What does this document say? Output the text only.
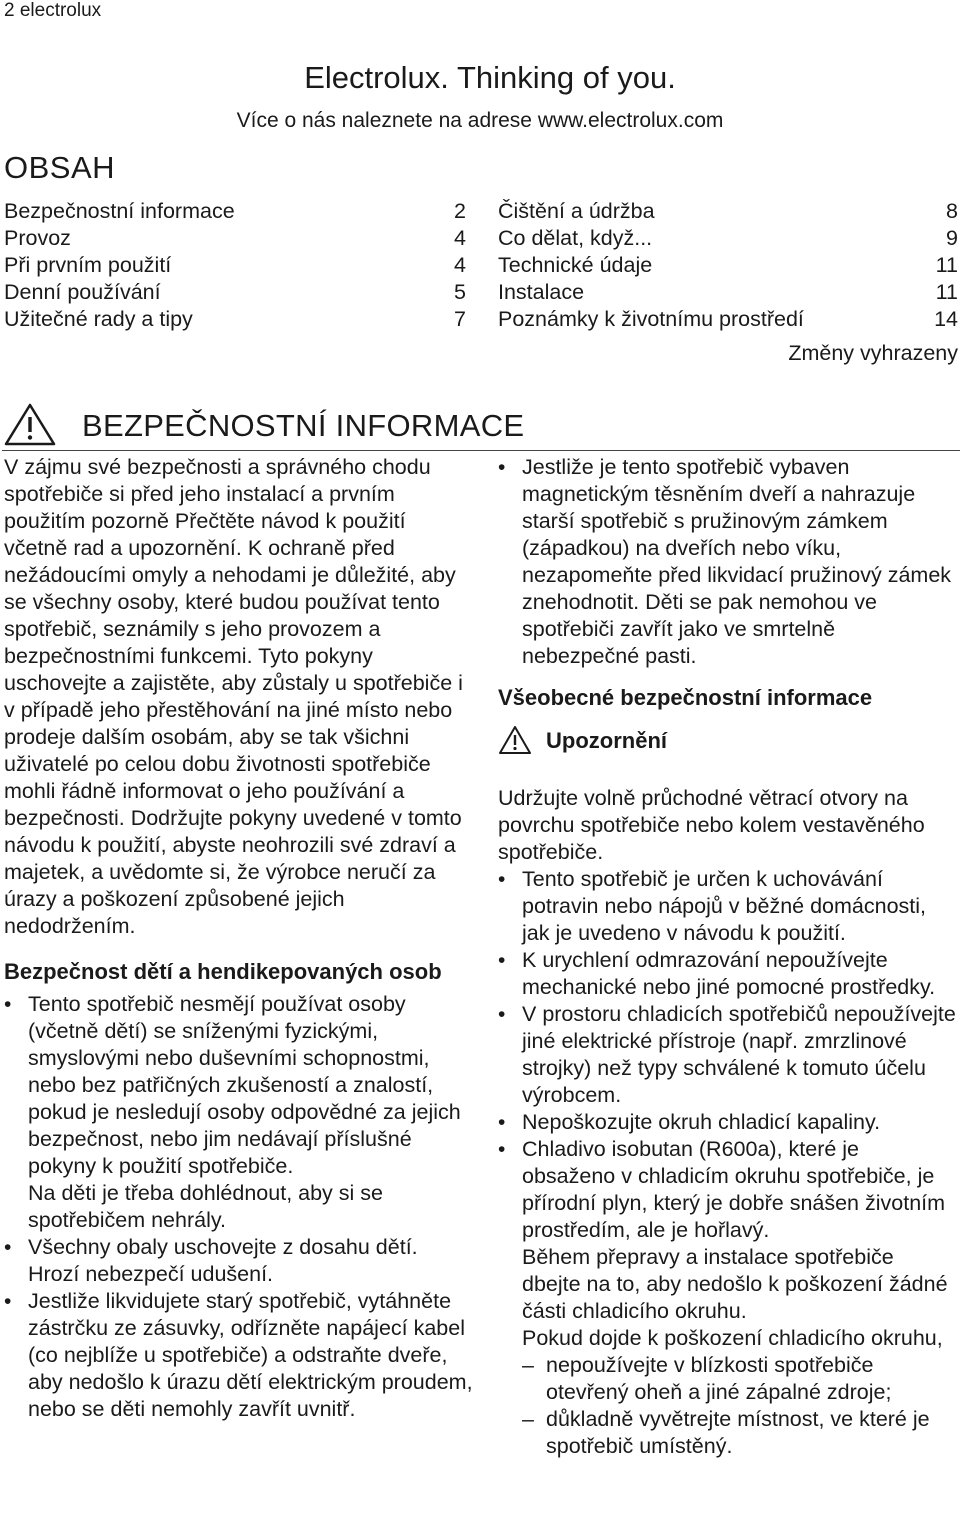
2 electrolux
Electrolux. Thinking of you.
Více o nás naleznete na adrese www.electrolux.com
OBSAH
Bezpečnostní informace	2
Provoz	4
Při prvním použití	4
Denní používání	5
Užitečné rady a tipy	7
Čištění a údržba	8
Co dělat, když...	9
Technické údaje	11
Instalace	11
Poznámky k životnímu prostředí	14
Změny vyhrazeny
BEZPEČNOSTNÍ INFORMACE

V zájmu své bezpečnosti a správného chodu spotřebiče si před jeho instalací a prvním použitím pozorně Přečtěte návod k použití včetně rad a upozornění. K ochraně před nežádoucími omyly a nehodami je důležité, aby se všechny osoby, které budou používat tento spotřebič, seznámily s jeho provozem a bezpečnostními funkcemi. Tyto pokyny uschovejte a zajistěte, aby zůstaly u spotřebiče i v případě jeho přestěhování na jiné místo nebo prodeje dalším osobám, aby se tak všichni uživatelé po celou dobu životnosti spotřebiče mohli řádně informovat o jeho používání a bezpečnosti. Dodržujte pokyny uvedené v tomto návodu k použití, abyste neohrozili své zdraví a majetek, a uvědomte si, že výrobce neručí za úrazy a poškození způsobené jejich nedodržením.

Bezpečnost dětí a hendikepovaných osob

• Tento spotřebič nesmějí používat osoby (včetně dětí) se sníženými fyzickými, smyslovými nebo duševními schopnostmi, nebo bez patřičných zkušeností a znalostí, pokud je nesledují osoby odpovědné za jejich bezpečnost, nebo jim nedávají příslušné pokyny k použití spotřebiče.
Na děti je třeba dohlédnout, aby si se spotřebičem nehrály.
• Všechny obaly uschovejte z dosahu dětí. Hrozí nebezpečí udušení.
• Jestliže likvidujete starý spotřebič, vytáhněte zástrčku ze zásuvky, odřízněte napájecí kabel (co nejblíže u spotřebiče) a odstraňte dveře, aby nedošlo k úrazu dětí elektrickým proudem, nebo se děti nemohly zavřít uvnitř.
• Jestliže je tento spotřebič vybaven magnetickým těsněním dveří a nahrazuje starší spotřebič s pružinovým zámkem (západkou) na dveřích nebo víku, nezapomeňte před likvidací pružinový zámek znehodnotit. Děti se pak nemohou ve spotřebiči zavřít jako ve smrtelně nebezpečné pasti.

Všeobecné bezpečnostní informace

Upozornění

Udržujte volně průchodné větrací otvory na povrchu spotřebiče nebo kolem vestavěného spotřebiče.

• Tento spotřebič je určen k uchovávání potravin nebo nápojů v běžné domácnosti, jak je uvedeno v návodu k použití.
• K urychlení odmrazování nepoužívejte mechanické nebo jiné pomocné prostředky.
• V prostoru chladicích spotřebičů nepoužívejte jiné elektrické přístroje (např. zmrzlinové strojky) než typy schválené k tomuto účelu výrobcem.
• Nepoškozujte okruh chladicí kapaliny.
• Chladivo isobutan (R600a), které je obsaženo v chladicím okruhu spotřebiče, je přírodní plyn, který je dobře snášen životním prostředím, ale je hořlavý.
Během přepravy a instalace spotřebiče dbejte na to, aby nedošlo k poškození žádné části chladicího okruhu.
Pokud dojde k poškození chladicího okruhu,
– nepoužívejte v blízkosti spotřebiče otevřený oheň a jiné zápalné zdroje;
– důkladně vyvětrejte místnost, ve které je spotřebič umístěný.
